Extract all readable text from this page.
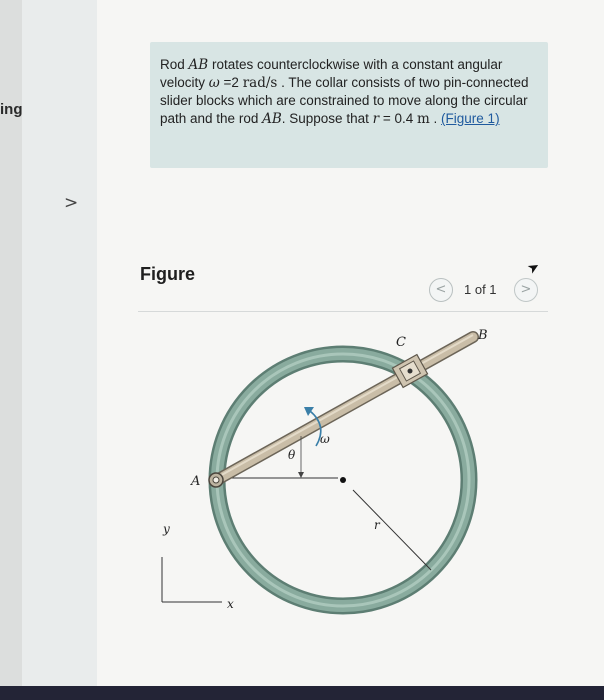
ing
>
Rod AB rotates counterclockwise with a constant angular velocity ω =2 rad/s . The collar consists of two pin-connected slider blocks which are constrained to move along the circular path and the rod AB. Suppose that r = 0.4 m . (Figure 1)
Figure
<	1 of 1	>
➤
r
ω
θ
A
B
C
y
x
